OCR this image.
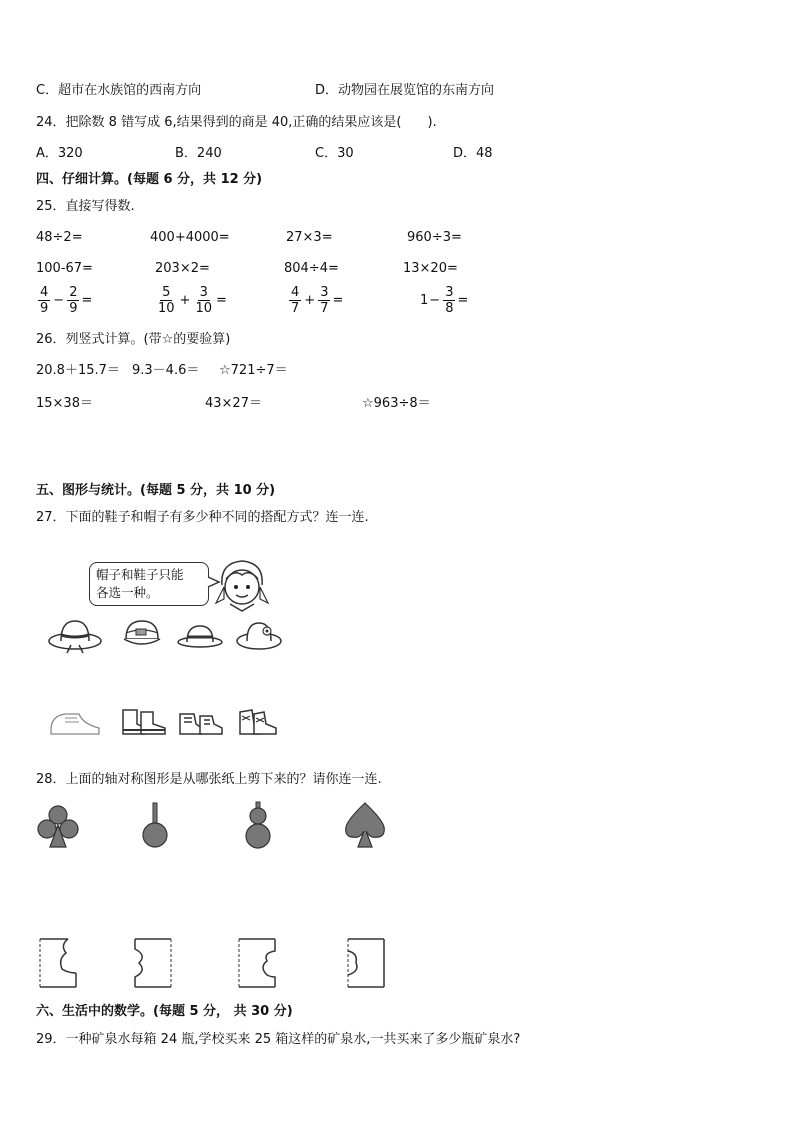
C．超市在水族馆的西南方向	D．动物园在展览馆的东南方向
24．把除数 8 错写成 6,结果得到的商是 40,正确的结果应该是(　　).
A．320	B．240	C．30	D．48
四、仔细计算。(每题 6 分，共 12 分)
25．直接写得数.
48÷2=	400+4000=	27×3=	960÷3=
100-67=	203×2=	804÷4=	13×20=
$\frac{4}{9} - \frac{2}{9}$ =	$\frac{5}{10} + \frac{3}{10}$ =	$\frac{4}{7} + \frac{3}{7}$ =	$1 - \frac{3}{8}$ =
26．列竖式计算。(带☆的要验算)
20.8＋15.7＝ 9.3－4.6＝ ☆721÷7＝
15×38＝	43×27＝	☆963÷8＝
五、图形与统计。(每题 5 分，共 10 分)
27．下面的鞋子和帽子有多少种不同的搭配方式？连一连.
帽子和鞋子只能
各选一种。
28．上面的轴对称图形是从哪张纸上剪下来的？请你连一连.
六、生活中的数学。(每题 5 分， 共 30 分)
29．一种矿泉水每箱 24 瓶,学校买来 25 箱这样的矿泉水,一共买来了多少瓶矿泉水?
